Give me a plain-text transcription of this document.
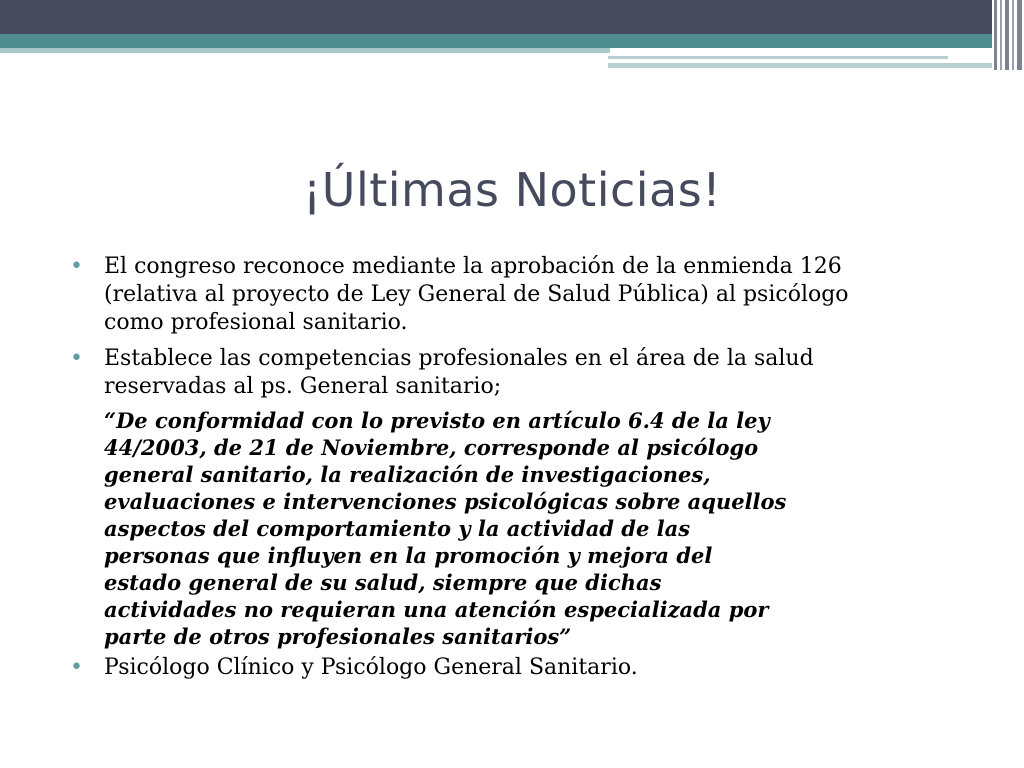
¡Últimas Noticias!
• El congreso reconoce mediante la aprobación de la enmienda 126
(relativa al proyecto de Ley General de Salud Pública) al psicólogo
como profesional sanitario.
• Establece las competencias profesionales en el área de la salud
reservadas al ps. General sanitario;
“De conformidad con lo previsto en artículo 6.4 de la ley
44/2003, de 21 de Noviembre, corresponde al psicólogo
general sanitario, la realización de investigaciones,
evaluaciones e intervenciones psicológicas sobre aquellos
aspectos del comportamiento y la actividad de las
personas que influyen en la promoción y mejora del
estado general de su salud, siempre que dichas
actividades no requieran una atención especializada por
parte de otros profesionales sanitarios”
• Psicólogo Clínico y Psicólogo General Sanitario.
